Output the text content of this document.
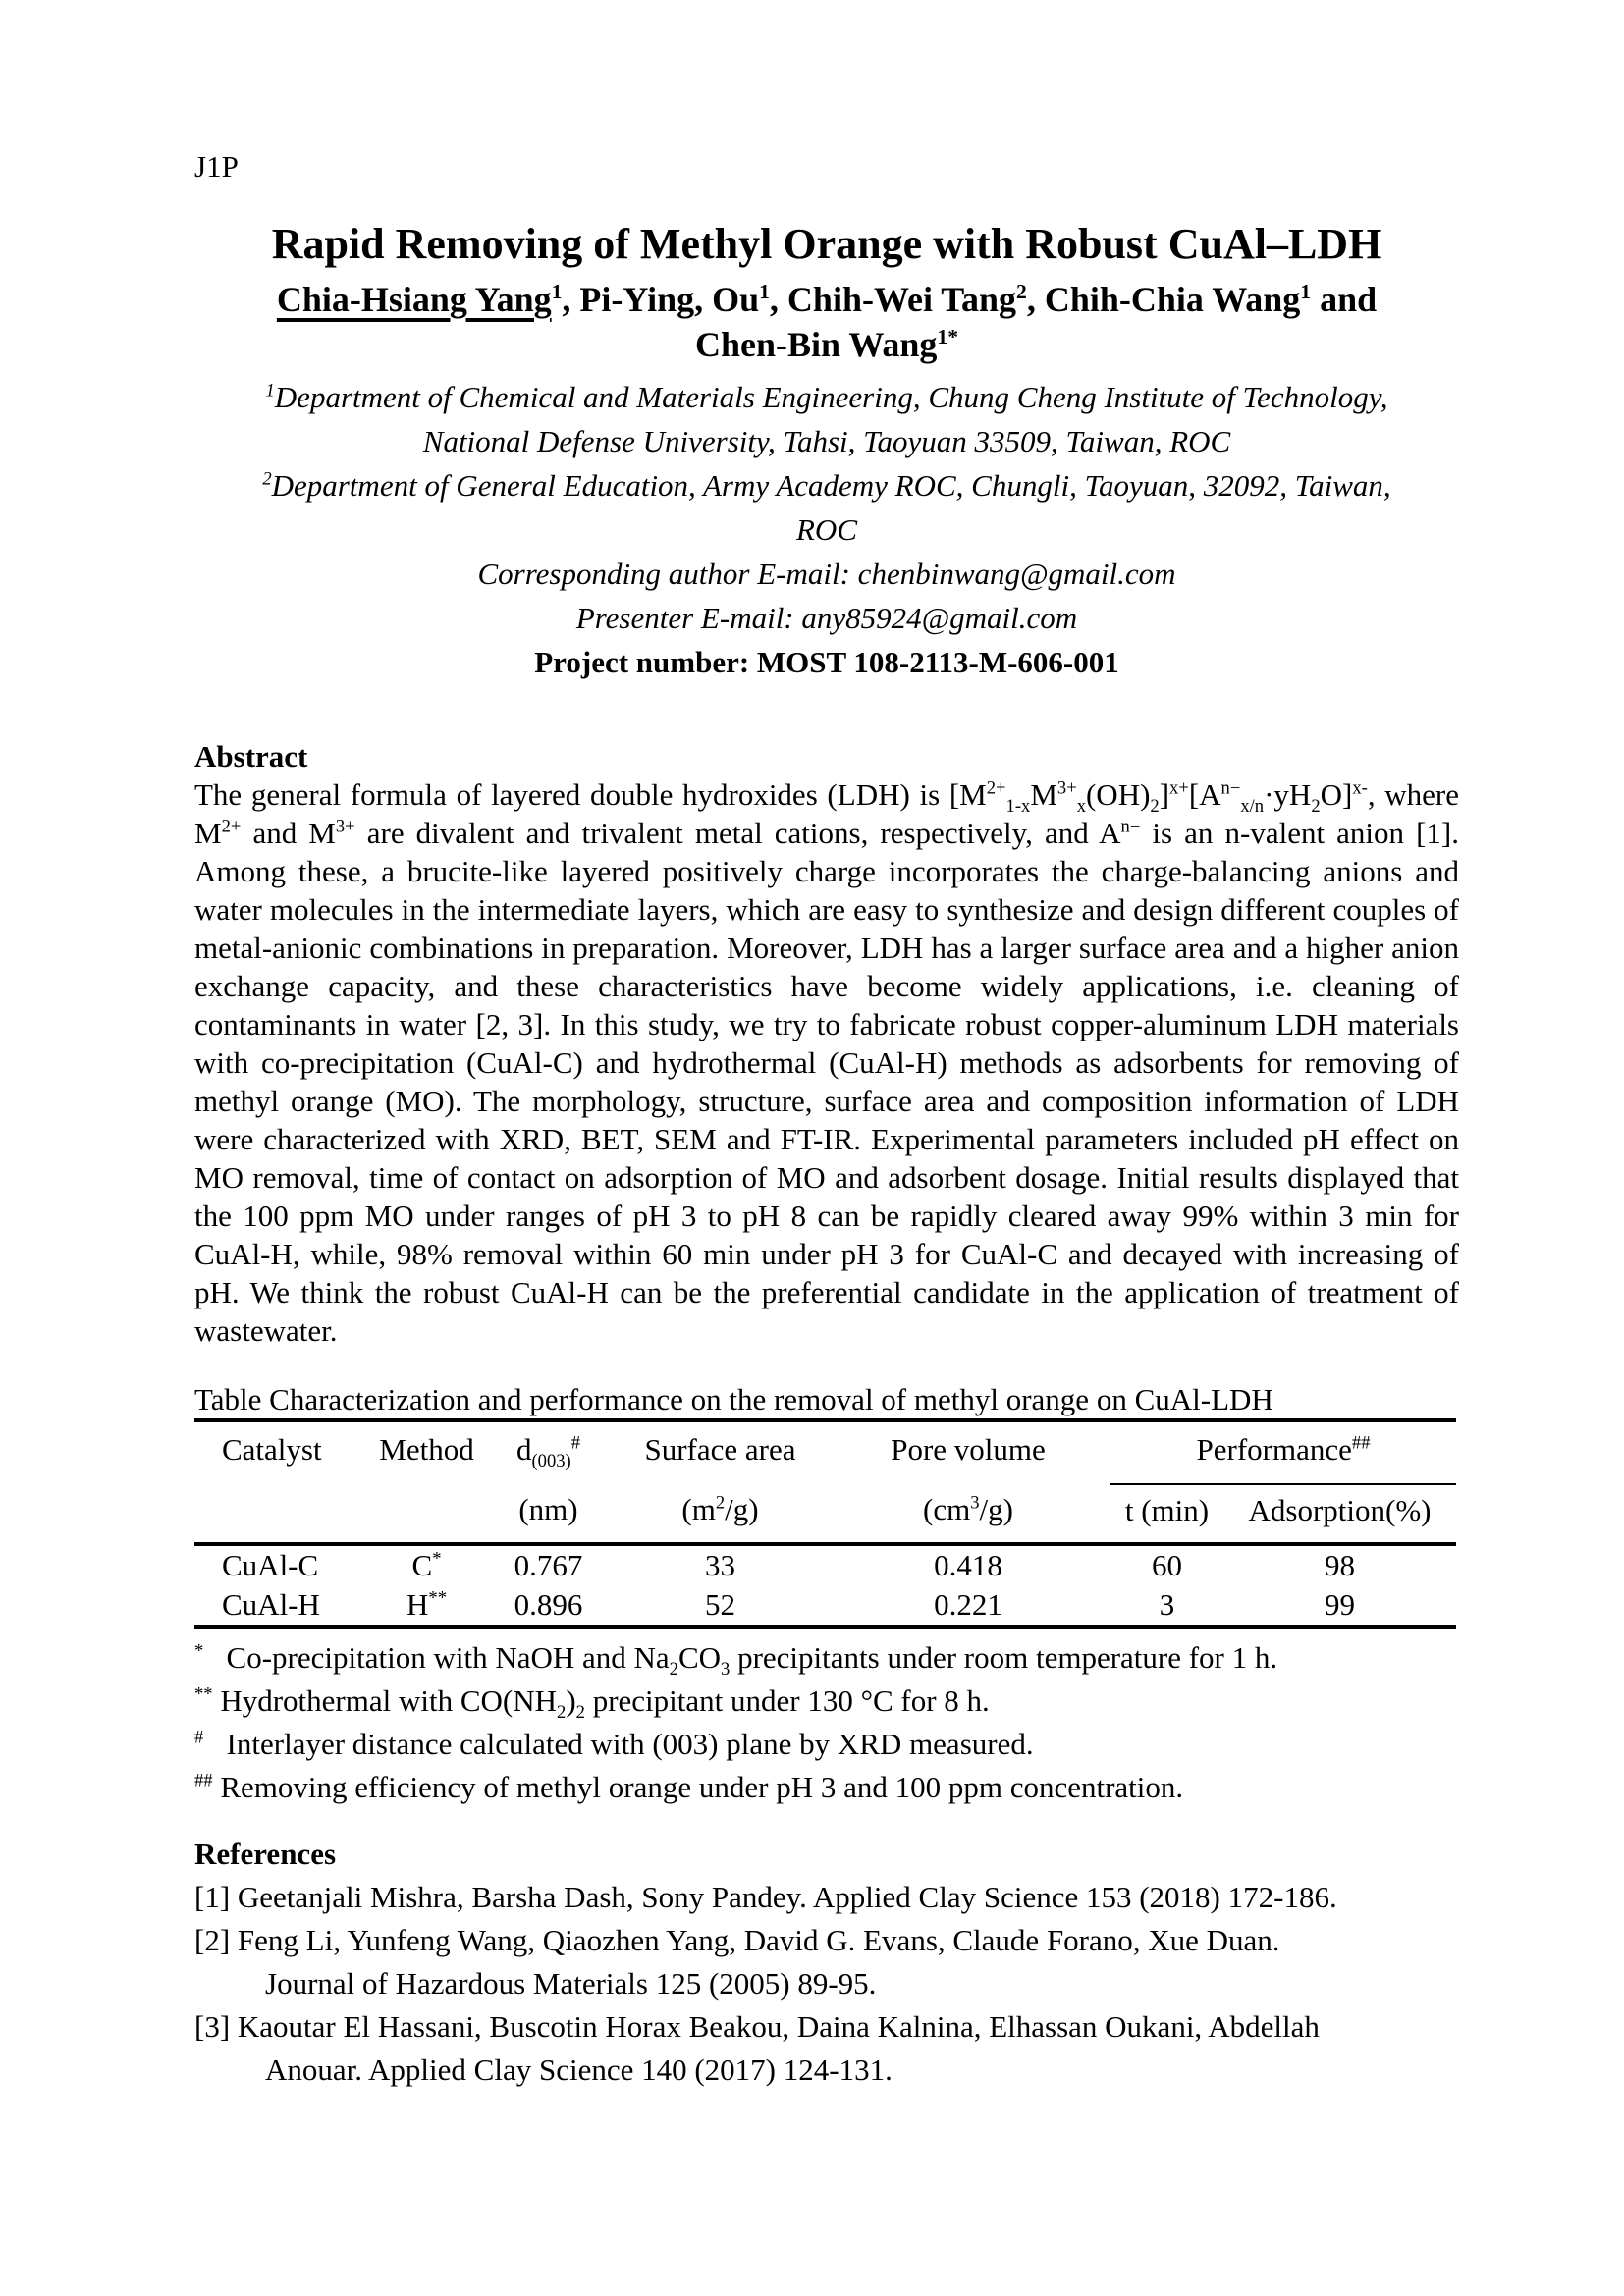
J1P
Rapid Removing of Methyl Orange with Robust CuAl–LDH
Chia-Hsiang Yang$^1$, Pi-Ying, Ou$^1$, Chih-Wei Tang$^2$, Chih-Chia Wang$^1$ and
Chen-Bin Wang$^{1*}$
$^1$Department of Chemical and Materials Engineering, Chung Cheng Institute of Technology,
National Defense University, Tahsi, Taoyuan 33509, Taiwan, ROC
$^2$Department of General Education, Army Academy ROC, Chungli, Taoyuan, 32092, Taiwan,
ROC
Corresponding author E-mail: chenbinwang@gmail.com
Presenter E-mail: any85924@gmail.com
Project number: MOST 108-2113-M-606-001
Abstract

The general formula of layered double hydroxides (LDH) is $[M^{2+}_{1-x}M^{3+}_x(OH)_2]^{x+}[A^{n-}_{x/n}\cdot yH_2O]^{x-}$, where $M^{2+}$ and $M^{3+}$ are divalent and trivalent metal cations, respectively, and $A^{n-}$ is an n-valent anion [1]. Among these, a brucite-like layered positively charge incorporates the charge-balancing anions and water molecules in the intermediate layers, which are easy to synthesize and design different couples of metal-anionic combinations in preparation. Moreover, LDH has a larger surface area and a higher anion exchange capacity, and these characteristics have become widely applications, i.e. cleaning of contaminants in water [2, 3]. In this study, we try to fabricate robust copper-aluminum LDH materials with co-precipitation (CuAl-C) and hydrothermal (CuAl-H) methods as adsorbents for removing of methyl orange (MO). The morphology, structure, surface area and composition information of LDH were characterized with XRD, BET, SEM and FT-IR. Experimental parameters included pH effect on MO removal, time of contact on adsorption of MO and adsorbent dosage. Initial results displayed that the 100 ppm MO under ranges of pH 3 to pH 8 can be rapidly cleared away 99% within 3 min for CuAl-H, while, 98% removal within 60 min under pH 3 for CuAl-C and decayed with increasing of pH. We think the robust CuAl-H can be the preferential candidate in the application of treatment of wastewater.

Table Characterization and performance on the removal of methyl orange on CuAl-LDH
Catalyst	Method	$d_{(003)}^{\#}$	Surface area	Pore volume	Performance##
		(nm)	$(m^2/g)$	$(cm^3/g)$	t (min)	Adsorption(%)
CuAl-C	C*	0.767	33	0.418	60	98
CuAl-H	H**	0.896	52	0.221	3	99
*   Co-precipitation with NaOH and $Na_2CO_3$ precipitants under room temperature for 1 h.
** Hydrothermal with $CO(NH_2)_2$ precipitant under 130 °C for 8 h.
#   Interlayer distance calculated with (003) plane by XRD measured.
## Removing efficiency of methyl orange under pH 3 and 100 ppm concentration.
References
[1] Geetanjali Mishra, Barsha Dash, Sony Pandey. Applied Clay Science 153 (2018) 172-186.
[2] Feng Li, Yunfeng Wang, Qiaozhen Yang, David G. Evans, Claude Forano, Xue Duan.
Journal of Hazardous Materials 125 (2005) 89-95.
[3] Kaoutar El Hassani, Buscotin Horax Beakou, Daina Kalnina, Elhassan Oukani, Abdellah
Anouar. Applied Clay Science 140 (2017) 124-131.
